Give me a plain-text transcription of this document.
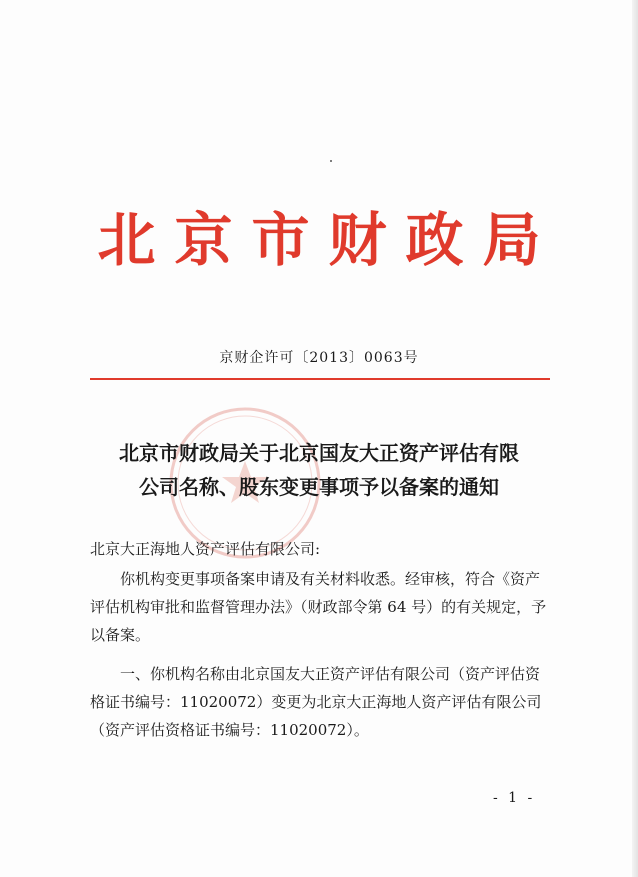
北京市财政局
京财企许可〔2013〕0063号
北京市财政局关于北京国友大正资产评估有限
公司名称、股东变更事项予以备案的通知
北京大正海地人资产评估有限公司:
你机构变更事项备案申请及有关材料收悉。经审核，符合《资产评估机构审批和监督管理办法》（财政部令第 64 号）的有关规定，予以备案。
一、你机构名称由北京国友大正资产评估有限公司（资产评估资格证书编号：11020072）变更为北京大正海地人资产评估有限公司（资产评估资格证书编号：11020072）。
- 1 -
